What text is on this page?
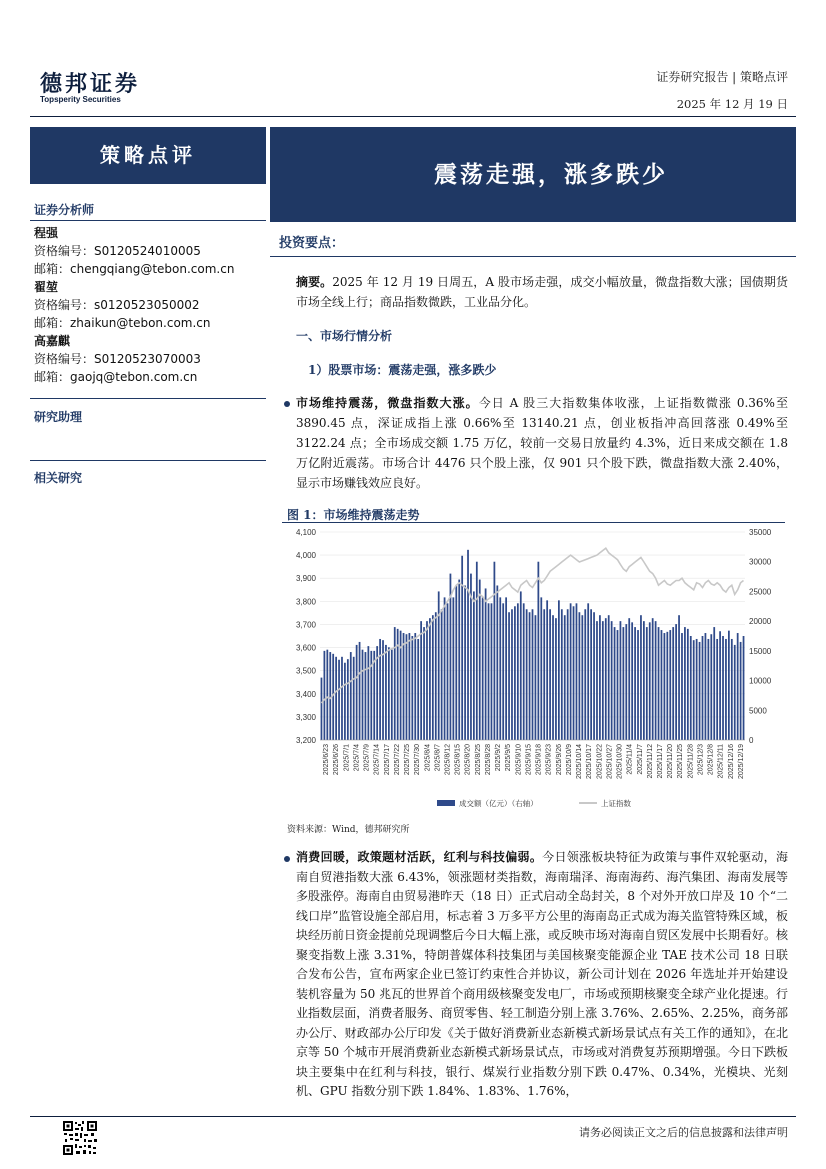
德邦证券
Topsperity Securities
证券研究报告 | 策略点评
2025 年 12 月 19 日
策略点评
震荡走强，涨多跌少
证券分析师
程强
资格编号：S0120524010005
邮箱：chengqiang@tebon.com.cn
翟堃
资格编号：s0120523050002
邮箱：zhaikun@tebon.com.cn
高嘉麒
资格编号：S0120523070003
邮箱：gaojq@tebon.com.cn
研究助理
相关研究
投资要点：
摘要。2025 年 12 月 19 日周五，A 股市场走强，成交小幅放量，微盘指数大涨；国债期货市场全线上行；商品指数微跌，工业品分化。
一、市场行情分析
1）股票市场：震荡走强，涨多跌少
市场维持震荡，微盘指数大涨。今日 A 股三大指数集体收涨，上证指数微涨 0.36%至 3890.45 点，深证成指上涨 0.66%至 13140.21 点，创业板指冲高回落涨 0.49%至 3122.24 点；全市场成交额 1.75 万亿，较前一交易日放量约 4.3%，近日来成交额在 1.8 万亿附近震荡。市场合计 4476 只个股上涨，仅 901 只个股下跌，微盘指数大涨 2.40%，显示市场赚钱效应良好。
图 1：市场维持震荡走势
3,200
3,300
3,400
3,500
3,600
3,700
3,800
3,900
4,000
4,100
0
5000
10000
15000
20000
25000
30000
35000
2025/6/23 2025/6/26 2025/7/1 2025/7/4 2025/7/9 2025/7/14 2025/7/17 2025/7/22 2025/7/25 2025/7/30 2025/8/4 2025/8/7 2025/8/12 2025/8/15 2025/8/20 2025/8/25 2025/8/28 2025/9/2 2025/9/5 2025/9/10 2025/9/15 2025/9/18 2025/9/23 2025/9/26 2025/10/9 2025/10/14 2025/10/17 2025/10/22 2025/10/27 2025/10/30 2025/11/4 2025/11/7 2025/11/12 2025/11/17 2025/11/20 2025/11/25 2025/11/28 2025/12/3 2025/12/8 2025/12/11 2025/12/16 2025/12/19
成交额（亿元）（右轴）	上证指数
资料来源：Wind，德邦研究所
消费回暖，政策题材活跃，红利与科技偏弱。今日领涨板块特征为政策与事件双轮驱动，海南自贸港指数大涨 6.43%，领涨题材类指数，海南瑞泽、海南海药、海汽集团、海南发展等多股涨停。海南自由贸易港昨天（18 日）正式启动全岛封关，8 个对外开放口岸及 10 个“二线口岸”监管设施全部启用，标志着 3 万多平方公里的海南岛正式成为海关监管特殊区域，板块经历前日资金提前兑现调整后今日大幅上涨，或反映市场对海南自贸区发展中长期看好。核聚变指数上涨 3.31%，特朗普媒体科技集团与美国核聚变能源企业 TAE 技术公司 18 日联合发布公告，宣布两家企业已签订约束性合并协议，新公司计划在 2026 年选址并开始建设装机容量为 50 兆瓦的世界首个商用级核聚变发电厂，市场或预期核聚变全球产业化提速。行业指数层面，消费者服务、商贸零售、轻工制造分别上涨 3.76%、2.65%、2.25%，商务部办公厅、财政部办公厅印发《关于做好消费新业态新模式新场景试点有关工作的通知》，在北京等 50 个城市开展消费新业态新模式新场景试点，市场或对消费复苏预期增强。今日下跌板块主要集中在红利与科技，银行、煤炭行业指数分别下跌 0.47%、0.34%，光模块、光刻机、GPU 指数分别下跌 1.84%、1.83%、1.76%，
请务必阅读正文之后的信息披露和法律声明
